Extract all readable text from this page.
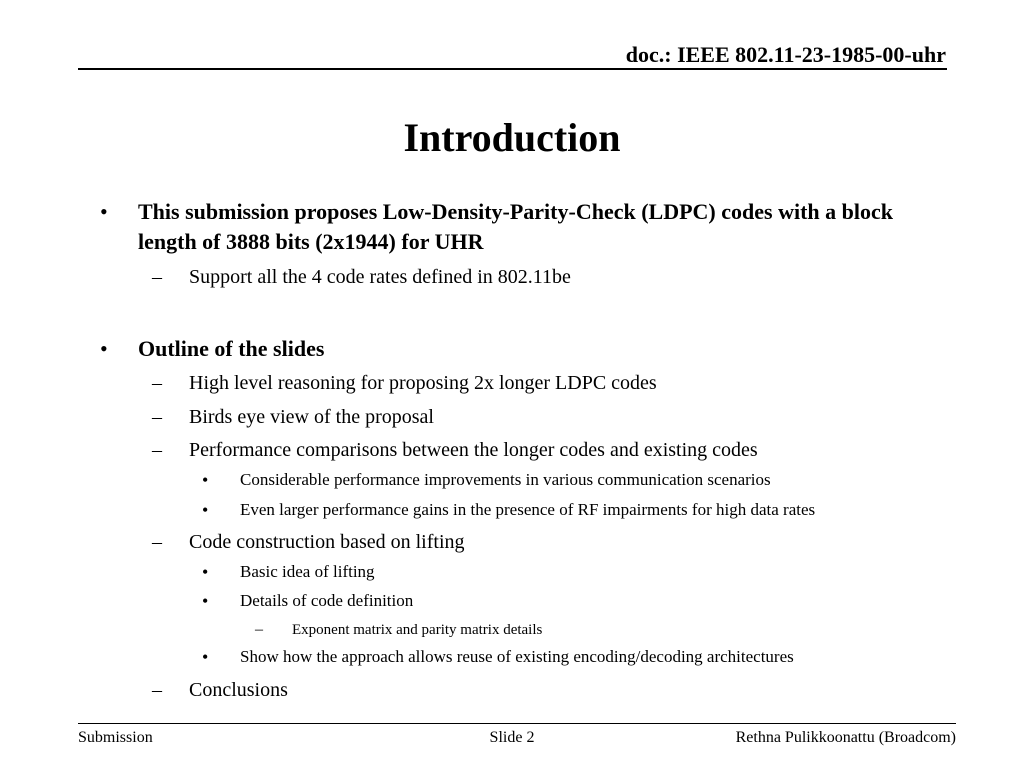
doc.: IEEE 802.11-23-1985-00-uhr
Introduction
• This submission proposes Low-Density-Parity-Check (LDPC) codes with a block length of 3888 bits (2x1944) for UHR
– Support all the 4 code rates defined in 802.11be
• Outline of the slides
– High level reasoning for proposing 2x longer LDPC codes
– Birds eye view of the proposal
– Performance comparisons between the longer codes and existing codes
• Considerable performance improvements in various communication scenarios
• Even larger performance gains in the presence of RF impairments for high data rates
– Code construction based on lifting
• Basic idea of lifting
• Details of code definition
– Exponent matrix and parity matrix details
• Show how the approach allows reuse of existing encoding/decoding architectures
– Conclusions
Submission	Slide 2	Rethna Pulikkoonattu (Broadcom)
